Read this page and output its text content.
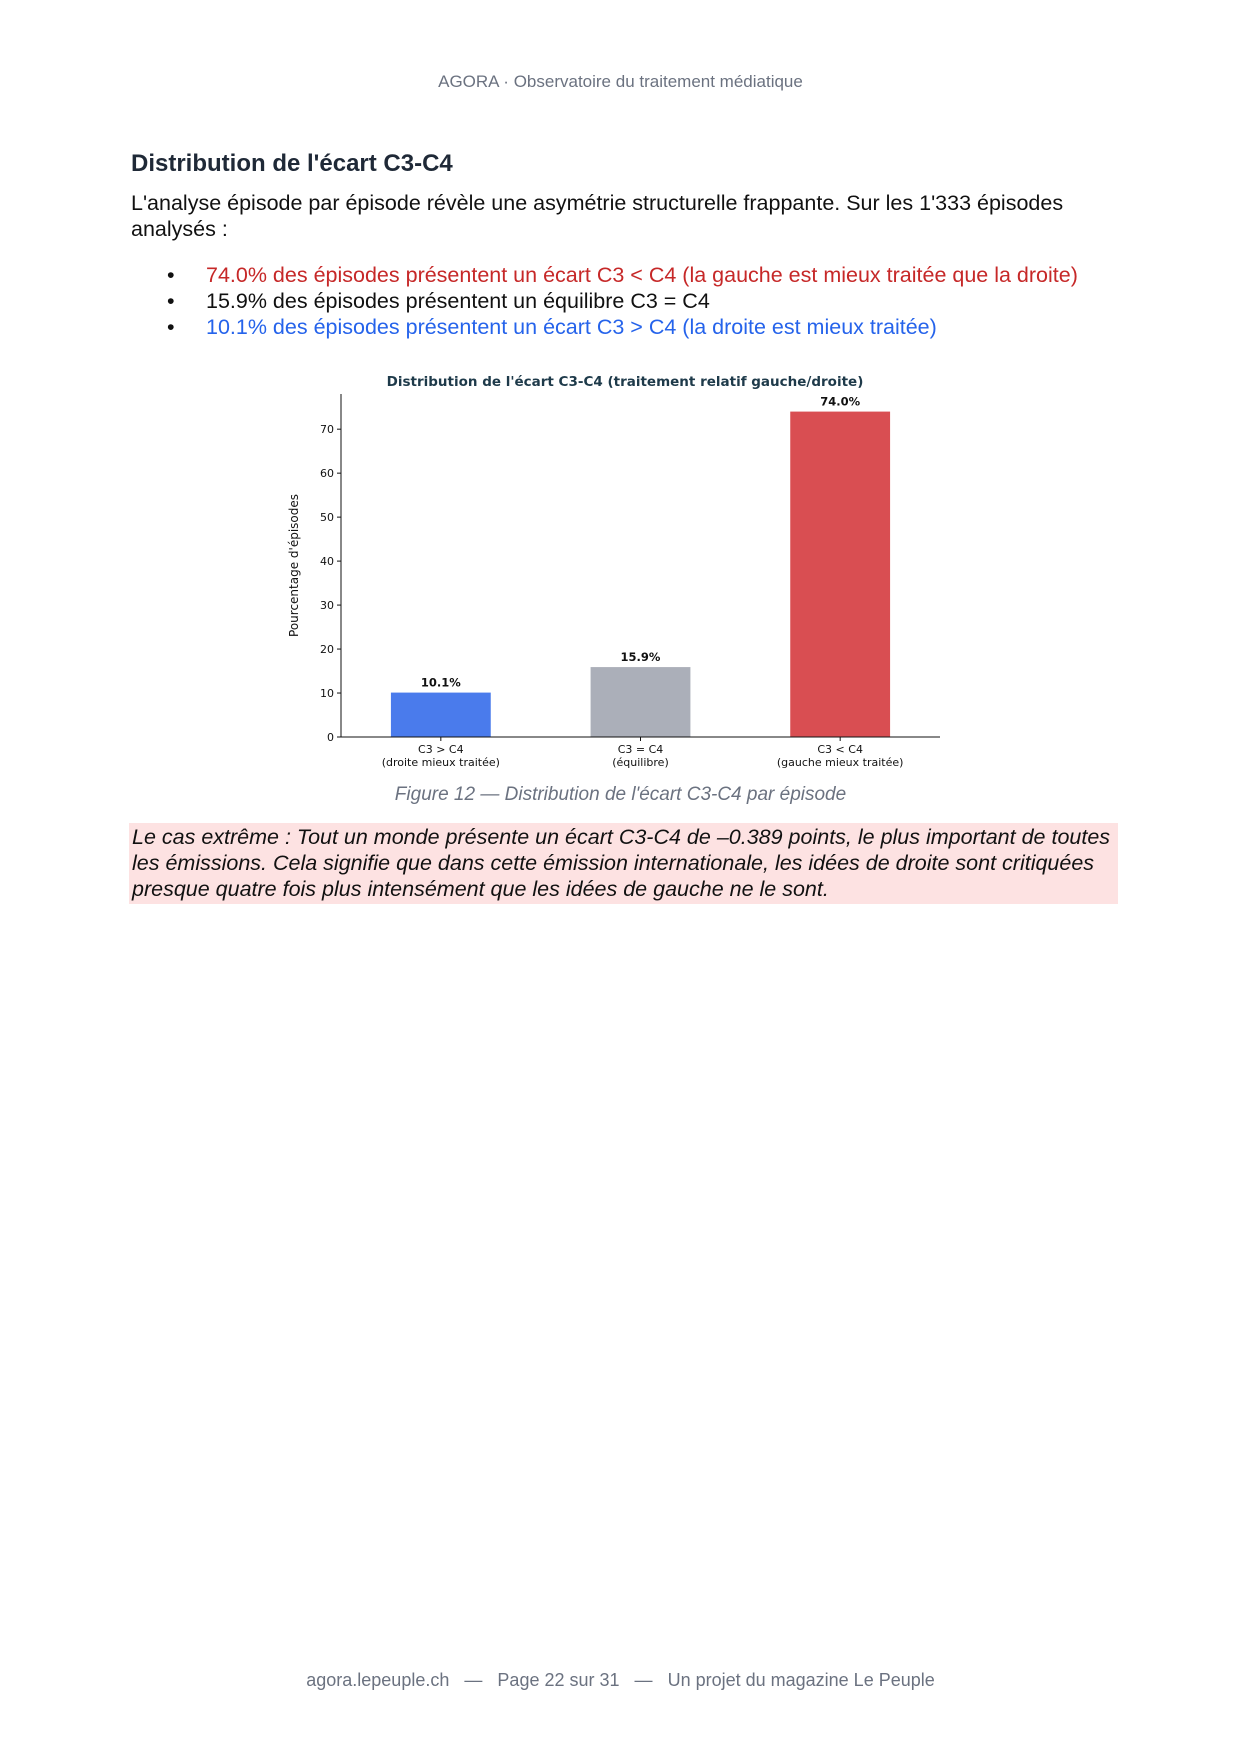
AGORA · Observatoire du traitement médiatique
Distribution de l'écart C3-C4

L'analyse épisode par épisode révèle une asymétrie structurelle frappante. Sur les 1'333 épisodes analysés :

• 74.0% des épisodes présentent un écart C3 < C4 (la gauche est mieux traitée que la droite)
• 15.9% des épisodes présentent un équilibre C3 = C4
• 10.1% des épisodes présentent un écart C3 > C4 (la droite est mieux traitée)
Distribution de l'écart C3-C4 (traitement relatif gauche/droite)
Pourcentage d'épisodes
0
10
20
30
40
50
60
70
10.1%
15.9%
74.0%
C3 > C4
(droite mieux traitée)
C3 = C4
(équilibre)
C3 < C4
(gauche mieux traitée)
Figure 12 — Distribution de l'écart C3-C4 par épisode
Le cas extrême : Tout un monde présente un écart C3-C4 de –0.389 points, le plus important de toutes les émissions. Cela signifie que dans cette émission internationale, les idées de droite sont critiquées presque quatre fois plus intensément que les idées de gauche ne le sont.
agora.lepeuple.ch — Page 22 sur 31 — Un projet du magazine Le Peuple
